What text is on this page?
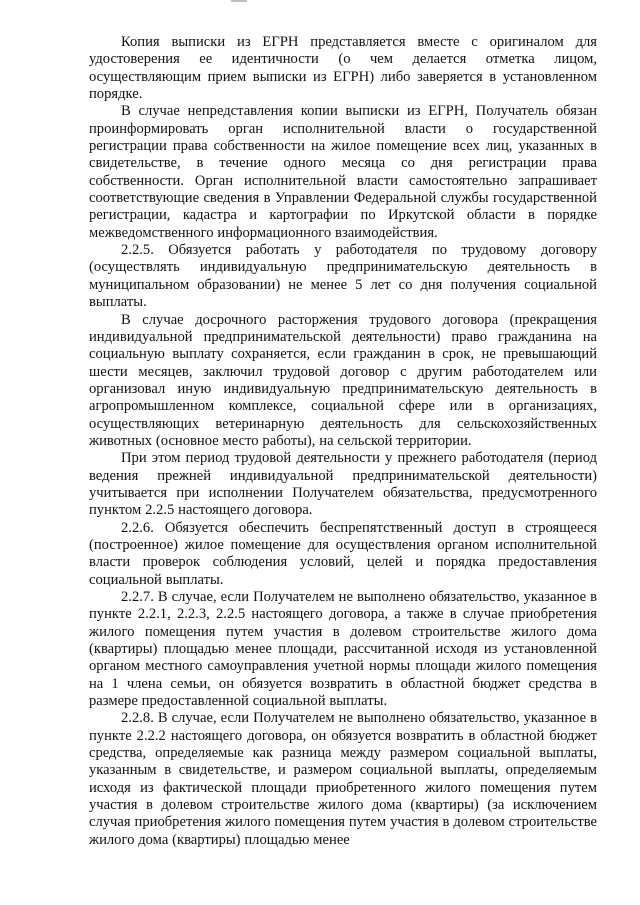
Копия выписки из ЕГРН представляется вместе с оригиналом для удостоверения ее идентичности (о чем делается отметка лицом, осуществляющим прием выписки из ЕГРН) либо заверяется в установленном порядке.

В случае непредставления копии выписки из ЕГРН, Получатель обязан проинформировать орган исполнительной власти о государственной регистрации права собственности на жилое помещение всех лиц, указанных в свидетельстве, в течение одного месяца со дня регистрации права собственности. Орган исполнительной власти самостоятельно запрашивает соответствующие сведения в Управлении Федеральной службы государственной регистрации, кадастра и картографии по Иркутской области в порядке межведомственного информационного взаимодействия.

2.2.5. Обязуется работать у работодателя по трудовому договору (осуществлять индивидуальную предпринимательскую деятельность в муниципальном образовании) не менее 5 лет со дня получения социальной выплаты.

В случае досрочного расторжения трудового договора (прекращения индивидуальной предпринимательской деятельности) право гражданина на социальную выплату сохраняется, если гражданин в срок, не превышающий шести месяцев, заключил трудовой договор с другим работодателем или организовал иную индивидуальную предпринимательскую деятельность в агропромышленном комплексе, социальной сфере или в организациях, осуществляющих ветеринарную деятельность для сельскохозяйственных животных (основное место работы), на сельской территории.

При этом период трудовой деятельности у прежнего работодателя (период ведения прежней индивидуальной предпринимательской деятельности) учитывается при исполнении Получателем обязательства, предусмотренного пунктом 2.2.5 настоящего договора.

2.2.6. Обязуется обеспечить беспрепятственный доступ в строящееся (построенное) жилое помещение для осуществления органом исполнительной власти проверок соблюдения условий, целей и порядка предоставления социальной выплаты.

2.2.7. В случае, если Получателем не выполнено обязательство, указанное в пункте 2.2.1, 2.2.3, 2.2.5 настоящего договора, а также в случае приобретения жилого помещения путем участия в долевом строительстве жилого дома (квартиры) площадью менее площади, рассчитанной исходя из установленной органом местного самоуправления учетной нормы площади жилого помещения на 1 члена семьи, он обязуется возвратить в областной бюджет средства в размере предоставленной социальной выплаты.

2.2.8. В случае, если Получателем не выполнено обязательство, указанное в пункте 2.2.2 настоящего договора, он обязуется возвратить в областной бюджет средства, определяемые как разница между размером социальной выплаты, указанным в свидетельстве, и размером социальной выплаты, определяемым исходя из фактической площади приобретенного жилого помещения путем участия в долевом строительстве жилого дома (квартиры) (за исключением случая приобретения жилого помещения путем участия в долевом строительстве жилого дома (квартиры) площадью менее
